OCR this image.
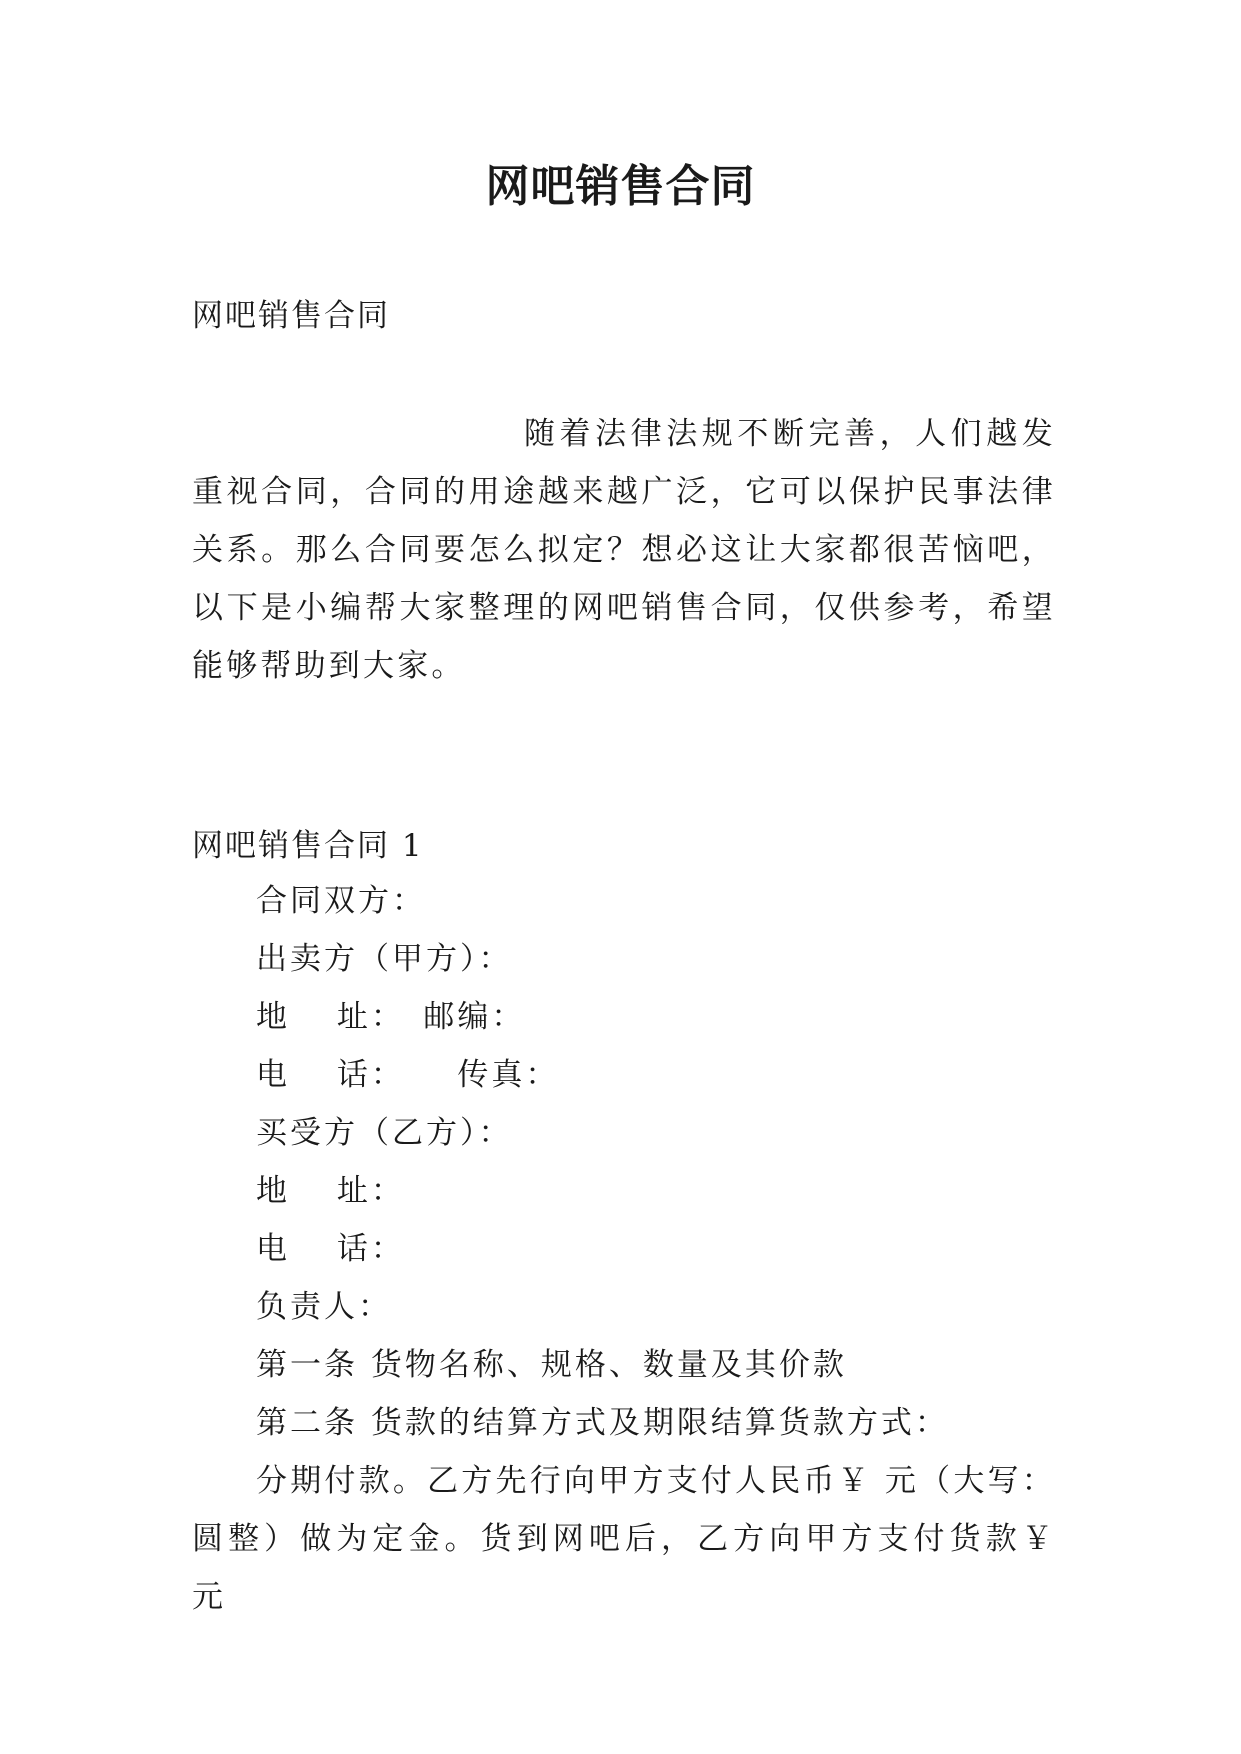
网吧销售合同
网吧销售合同

随着法律法规不断完善，人们越发重视合同，合同的用途越来越广泛，它可以保护民事法律关系。那么合同要怎么拟定？想必这让大家都很苦恼吧，以下是小编帮大家整理的网吧销售合同，仅供参考，希望能够帮助到大家。

网吧销售合同 1
合同双方：
出卖方（甲方）：
地　 址：　邮编：
电　 话：　　传真：
买受方（乙方）：
地　 址：
电　 话：
负责人：
第一条 货物名称、规格、数量及其价款
第二条 货款的结算方式及期限结算货款方式：

分期付款。乙方先行向甲方支付人民币￥ 元（大写：圆整）做为定金。货到网吧后，乙方向甲方支付货款￥ 元
